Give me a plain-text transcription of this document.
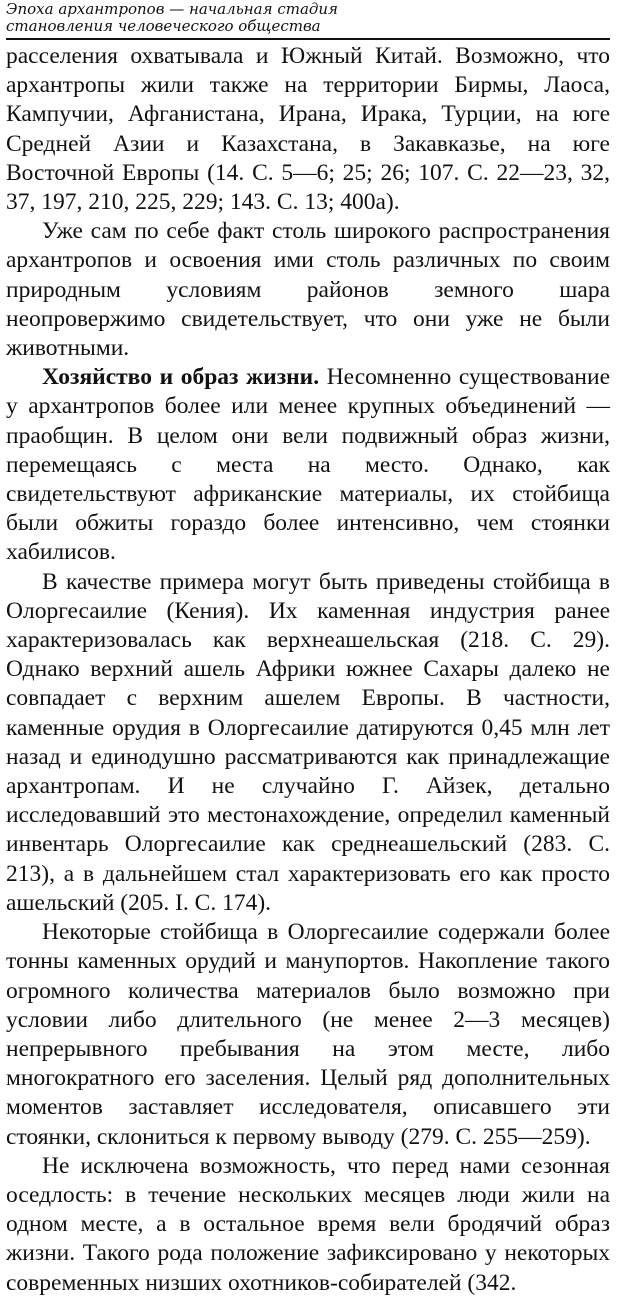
Эпоха архантропов — начальная стадия
становления человеческого общества

расселения охватывала и Южный Китай. Возможно, что архантропы жили также на территории Бирмы, Лаоса, Кампучии, Афганистана, Ирана, Ирака, Турции, на юге Средней Азии и Казахстана, в Закавказье, на юге Восточной Европы (14. С. 5—6; 25; 26; 107. С. 22—23, 32, 37, 197, 210, 225, 229; 143. С. 13; 400а).

Уже сам по себе факт столь широкого распространения архантропов и освоения ими столь различных по своим природным условиям районов земного шара неопровержимо свидетельствует, что они уже не были животными.

Хозяйство и образ жизни. Несомненно существование у архантропов более или менее крупных объединений — праобщин. В целом они вели подвижный образ жизни, перемещаясь с места на место. Однако, как свидетельствуют африканские материалы, их стойбища были обжиты гораздо более интенсивно, чем стоянки хабилисов.

В качестве примера могут быть приведены стойбища в Олоргесаилие (Кения). Их каменная индустрия ранее характеризовалась как верхнеашельская (218. С. 29). Однако верхний ашель Африки южнее Сахары далеко не совпадает с верхним ашелем Европы. В частности, каменные орудия в Олоргесаилие датируются 0,45 млн лет назад и единодушно рассматриваются как принадлежащие архантропам. И не случайно Г. Айзек, детально исследовавший это местонахождение, определил каменный инвентарь Олоргесаилие как среднеашельский (283. С. 213), а в дальнейшем стал характеризовать его как просто ашельский (205. I. С. 174).

Некоторые стойбища в Олоргесаилие содержали более тонны каменных орудий и манупортов. Накопление такого огромного количества материалов было возможно при условии либо длительного (не менее 2—3 месяцев) непрерывного пребывания на этом месте, либо многократного его заселения. Целый ряд дополнительных моментов заставляет исследователя, описавшего эти стоянки, склониться к первому выводу (279. С. 255—259).

Не исключена возможность, что перед нами сезонная оседлость: в течение нескольких месяцев люди жили на одном месте, а в остальное время вели бродячий образ жизни. Такого рода положение зафиксировано у некоторых современных низших охотников-собирателей (342.
